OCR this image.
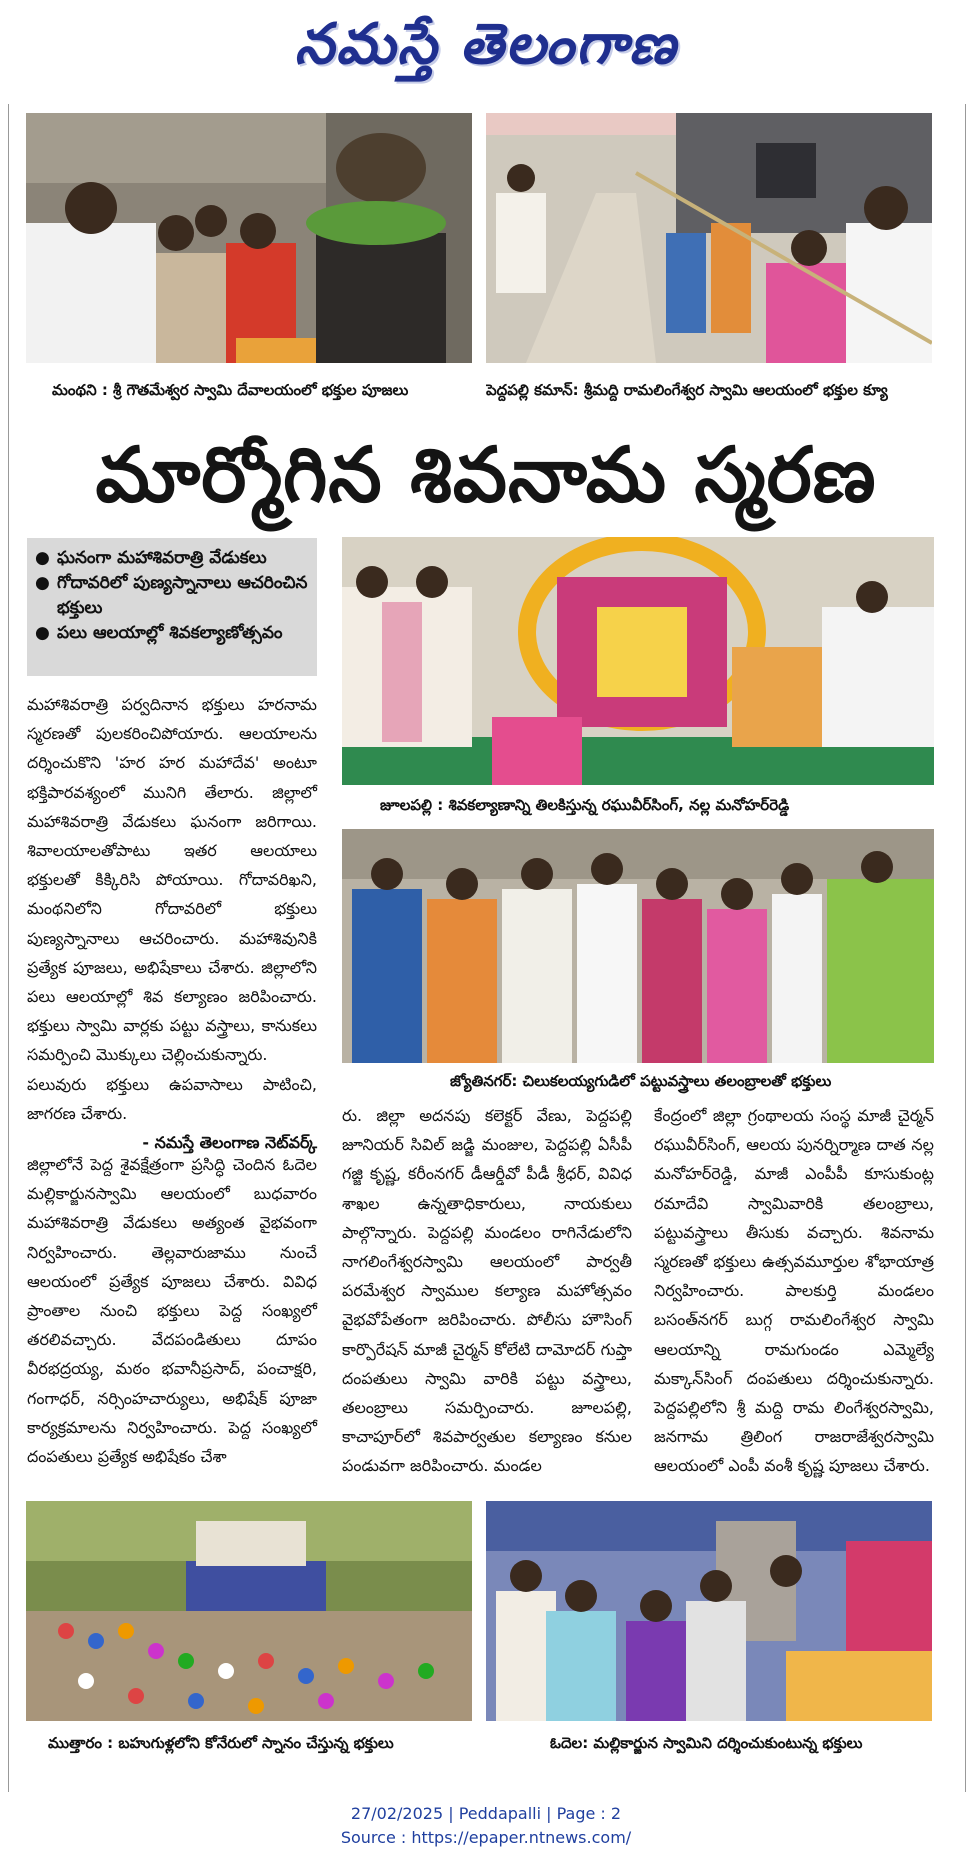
నమస్తే తెలంగాణ
మంథని : శ్రీ గౌతమేశ్వర స్వామి దేవాలయంలో భక్తుల పూజలు	పెద్దపల్లి కమాన్: శ్రీమద్ది రామలింగేశ్వర స్వామి ఆలయంలో భక్తుల క్యూ
మార్మోగిన శివనామ స్మరణ
● ఘనంగా మహాశివరాత్రి వేడుకలు
● గోదావరిలో పుణ్యస్నానాలు ఆచరించిన భక్తులు
● పలు ఆలయాల్లో శివకల్యాణోత్సవం

మహాశివరాత్రి పర్వదినాన భక్తులు హరనామ స్మరణతో పులకరించిపోయారు. ఆలయాలను దర్శించుకొని 'హర హర మహాదేవ' అంటూ భక్తిపారవశ్యంలో మునిగి తేలారు. జిల్లాలో మహాశివరాత్రి వేడుకలు ఘనంగా జరిగాయి. శివాలయాలతోపాటు ఇతర ఆలయాలు భక్తులతో కిక్కిరిసి పోయాయి. గోదావరిఖని, మంథనిలోని గోదావరిలో భక్తులు పుణ్యస్నానాలు ఆచరించారు. మహాశివునికి ప్రత్యేక పూజలు, అభిషేకాలు చేశారు. జిల్లాలోని పలు ఆలయాల్లో శివ కల్యాణం జరిపించారు. భక్తులు స్వామి వార్లకు పట్టు వస్త్రాలు, కానుకలు సమర్పించి మొక్కులు చెల్లించుకున్నారు.

పలువురు భక్తులు ఉపవాసాలు పాటించి, జాగరణ చేశారు.

- నమస్తే తెలంగాణ నెట్‌వర్క్

జూలపల్లి : శివకల్యాణాన్ని తిలకిస్తున్న రఘువీర్‌సింగ్, నల్ల మనోహర్‌రెడ్డి
జ్యోతినగర్: చిలుకలయ్యగుడిలో పట్టువస్త్రాలు తలంబ్రాలతో భక్తులు

జిల్లాలోనే పెద్ద శైవక్షేత్రంగా ప్రసిద్ధి చెందిన ఓదెల మల్లికార్జునస్వామి ఆలయంలో బుధవారం మహాశివరాత్రి వేడుకలు అత్యంత వైభవంగా నిర్వహించారు. తెల్లవారుజాము నుంచే ఆలయంలో ప్రత్యేక పూజలు చేశారు. వివిధ ప్రాంతాల నుంచి భక్తులు పెద్ద సంఖ్యలో తరలివచ్చారు. వేదపండితులు దూపం వీరభద్రయ్య, మఠం భవానీప్రసాద్, పంచాక్షరి, గంగాధర్, నర్సింహచార్యులు, అభిషేక్ పూజా కార్యక్రమాలను నిర్వహించారు. పెద్ద సంఖ్యలో దంపతులు ప్రత్యేక అభిషేకం చేశా

రు. జిల్లా అదనపు కలెక్టర్ వేణు, పెద్దపల్లి జూనియర్ సివిల్ జడ్జి మంజుల, పెద్దపల్లి ఏసీపీ గజ్జి కృష్ణ, కరీంనగర్ డీఆర్డీవో పీడీ శ్రీధర్, వివిధ శాఖల ఉన్నతాధికారులు, నాయకులు పాల్గొన్నారు. పెద్దపల్లి మండలం రాగినేడులోని నాగలింగేశ్వరస్వామి ఆలయంలో పార్వతీ పరమేశ్వర స్వాముల కల్యాణ మహోత్సవం వైభవోపేతంగా జరిపించారు. పోలీసు హౌసింగ్ కార్పొరేషన్ మాజీ చైర్మన్ కోలేటి దామోదర్ గుప్తా దంపతులు స్వామి వారికి పట్టు వస్త్రాలు, తలంబ్రాలు సమర్పించారు. జూలపల్లి, కాచాపూర్‌లో శివపార్వతుల కల్యాణం కనుల పండువగా జరిపించారు. మండల

కేంద్రంలో జిల్లా గ్రంథాలయ సంస్థ మాజీ చైర్మన్ రఘువీర్‌సింగ్, ఆలయ పునర్నిర్మాణ దాత నల్ల మనోహర్‌రెడ్డి, మాజీ ఎంపీపీ కూసుకుంట్ల రమాదేవి స్వామివారికి తలంబ్రాలు, పట్టువస్త్రాలు తీసుకు వచ్చారు. శివనామ స్మరణతో భక్తులు ఉత్సవమూర్తుల శోభాయాత్ర నిర్వహించారు. పాలకుర్తి మండలం బసంత్‌నగర్ బుగ్గ రామలింగేశ్వర స్వామి ఆలయాన్ని రామగుండం ఎమ్మెల్యే మక్కాన్‌సింగ్ దంపతులు దర్శించుకున్నారు. పెద్దపల్లిలోని శ్రీ మద్ది రామ లింగేశ్వరస్వామి, జనగామ త్రిలింగ రాజరాజేశ్వరస్వామి ఆలయంలో ఎంపీ వంశీ కృష్ణ పూజలు చేశారు.

ముత్తారం : బహుగుళ్లలోని కోనేరులో స్నానం చేస్తున్న భక్తులు	ఓదెల: మల్లికార్జున స్వామిని దర్శించుకుంటున్న భక్తులు
27/02/2025 | Peddapalli | Page : 2
Source : https://epaper.ntnews.com/
